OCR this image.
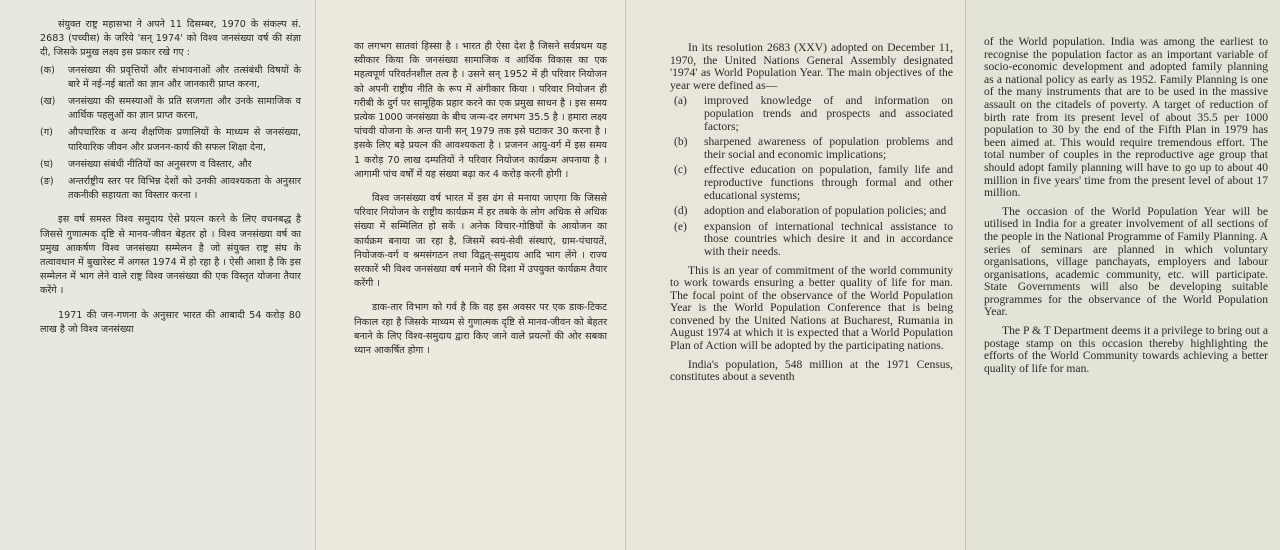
संयुक्त राष्ट्र महासभा ने अपने 11 दिसम्बर, 1970 के संकल्प सं. 2683 (पच्चीस) के जरिये 'सन् 1974' को विश्व जनसंख्या वर्ष की संज्ञा दी, जिसके प्रमुख लक्ष्य इस प्रकार रखे गए :

(क)	जनसंख्या की प्रवृत्तियों और संभावनाओं और तत्संबंधी विषयों के बारे में नई-नई बातों का ज्ञान और जानकारी प्राप्त करना,
(ख)	जनसंख्या की समस्याओं के प्रति सजगता और उनके सामाजिक व आर्थिक पहलुओं का ज्ञान प्राप्त करना,
(ग)	औपचारिक व अन्य शैक्षणिक प्रणालियों के माध्यम से जनसंख्या, पारिवारिक जीवन और प्रजनन-कार्य की सफल शिक्षा देना,
(घ)	जनसंख्या संबंधी नीतियों का अनुसरण व विस्तार, और
(ङ)	अन्तर्राष्ट्रीय स्तर पर विभिन्न देशों को उनकी आवश्यकता के अनुसार तकनीकी सहायता का विस्तार करना ।

इस वर्ष समस्त विश्व समुदाय ऐसे प्रयत्न करने के लिए वचनबद्ध है जिससे गुणात्मक दृष्टि से मानव-जीवन बेहतर हो । विश्व जनसंख्या वर्ष का प्रमुख आकर्षण विश्व जनसंख्या सम्मेलन है जो संयुक्त राष्ट्र संघ के तत्वावधान में बुखारेस्ट में अगस्त 1974 में हो रहा है । ऐसी आशा है कि इस सम्मेलन में भाग लेने वाले राष्ट्र विश्व जनसंख्या की एक विस्तृत योजना तैयार करेंगे ।

1971 की जन-गणना के अनुसार भारत की आबादी 54 करोड़ 80 लाख है जो विश्व जनसंख्या

का लगभग सातवां हिस्सा है । भारत ही ऐसा देश है जिसने सर्वप्रथम यह स्वीकार किया कि जनसंख्या सामाजिक व आर्थिक विकास का एक महत्वपूर्ण परिवर्तनशील तत्व है । उसने सन् 1952 में ही परिवार नियोजन को अपनी राष्ट्रीय नीति के रूप में अंगीकार किया । परिवार नियोजन ही गरीबी के दुर्ग पर सामूहिक प्रहार करने का एक प्रमुख साधन है । इस समय प्रत्येक 1000 जनसंख्या के बीच जन्म-दर लगभग 35.5 है । हमारा लक्ष्य पांचवी योजना के अन्त यानी सन् 1979 तक इसे घटाकर 30 करना है । इसके लिए बड़े प्रयत्न की आवश्यकता है । प्रजनन आयु-वर्ग में इस समय 1 करोड़ 70 लाख दम्पतियों ने परिवार नियोजन कार्यक्रम अपनाया है । आगामी पांच वर्षों में यह संख्या बढ़ा कर 4 करोड़ करनी होगी ।

विश्व जनसंख्या वर्ष भारत में इस ढंग से मनाया जाएगा कि जिससे परिवार नियोजन के राष्ट्रीय कार्यक्रम में हर तबके के लोग अधिक से अधिक संख्या में सम्मिलित हो सकें । अनेक विचार-गोष्ठियों के आयोजन का कार्यक्रम बनाया जा रहा है, जिसमें स्वयं-सेवी संस्थाएं, ग्राम-पंचायतें, नियोजक-वर्ग व श्रमसंगठन तथा विद्वत्-समुदाय आदि भाग लेंगे । राज्य सरकारें भी विश्व जनसंख्या वर्ष मनाने की दिशा में उपयुक्त कार्यक्रम तैयार करेंगी ।

डाक-तार विभाग को गर्व है कि वह इस अवसर पर एक डाक-टिकट निकाल रहा है जिसके माध्यम से गुणात्मक दृष्टि से मानव-जीवन को बेहतर बनाने के लिए विश्व-समुदाय द्वारा किए जाने वाले प्रयत्नों की ओर सबका ध्यान आकर्षित होगा ।

In its resolution 2683 (XXV) adopted on December 11, 1970, the United Nations General Assembly designated '1974' as World Population Year. The main objectives of the year were defined as—

(a)	improved knowledge of and information on population trends and prospects and associated factors;
(b)	sharpened awareness of population problems and their social and economic implications;
(c)	effective education on population, family life and reproductive functions through formal and other educational systems;
(d)	adoption and elaboration of population policies; and
(e)	expansion of international technical assistance to those countries which desire it and in accordance with their needs.

This is an year of commitment of the world community to work towards ensuring a better quality of life for man. The focal point of the observance of the World Population Year is the World Population Conference that is being convened by the United Nations at Bucharest, Rumania in August 1974 at which it is expected that a World Population Plan of Action will be adopted by the participating nations.

India's population, 548 million at the 1971 Census, constitutes about a seventh

of the World population. India was among the earliest to recognise the population factor as an important variable of socio-economic development and adopted family planning as a national policy as early as 1952. Family Planning is one of the many instruments that are to be used in the massive assault on the citadels of poverty. A target of reduction of birth rate from its present level of about 35.5 per 1000 population to 30 by the end of the Fifth Plan in 1979 has been aimed at. This would require tremendous effort. The total number of couples in the reproductive age group that should adopt family planning will have to go up to about 40 million in five years' time from the present level of about 17 million.

The occasion of the World Population Year will be utilised in India for a greater involvement of all sections of the people in the National Programme of Family Planning. A series of seminars are planned in which voluntary organisations, village panchayats, employers and labour organisations, academic community, etc. will participate. State Governments will also be developing suitable programmes for the observance of the World Population Year.

The P & T Department deems it a privilege to bring out a postage stamp on this occasion thereby highlighting the efforts of the World Community towards achieving a better quality of life for man.
